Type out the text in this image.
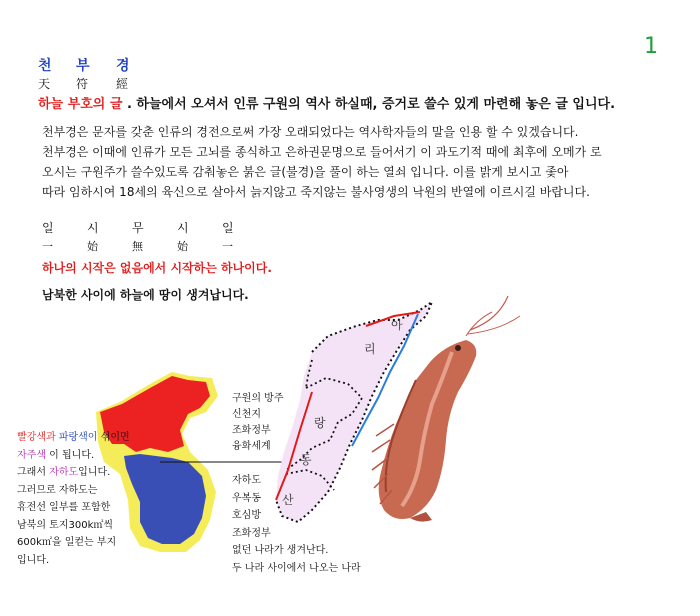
1
천 부 경
天 符 經
하늘 부호의 글 . 하늘에서 오셔서 인류 구원의 역사 하실때, 증거로 쓸수 있게 마련해 놓은 글 입니다.
천부경은 문자를 갖춘 인류의 경전으로써 가장 오래되었다는 역사학자들의 말을 인용 할 수 있겠습니다.
천부경은 이때에 인류가 모든 고뇌를 종식하고 은하권문명으로 들어서기 이 과도기적 때에 최후에 오메가 로
오시는 구원주가 쓸수있도록 감춰놓은 붉은 글(불경)을 풀이 하는 열쇠 입니다. 이를 밝게 보시고 좇아
따라 임하시여 18세의 육신으로 살아서 늙지않고 죽지않는 불사영생의 낙원의 반열에 이르시길 바랍니다.
일	시	무	시	일
一	始	無	始	一
하나의 시작은 없음에서 시작하는 하나이다.
남북한 사이에 하늘에 땅이 생겨납니다.
아
리
랑
동
산
빨강색과 파랑색이 섞이면
자주색 이 됩니다.
그래서 자하도입니다.
그러므로 자하도는
휴전선 일부를 포함한
남북의 토지300k㎡씩
600k㎡을 일컫는 부지
입니다.
구원의 방주
신천지
조화정부
융화세계
자하도
우복동
호심방
조화정부
없던 나라가 생겨난다.
두 나라 사이에서 나오는 나라
